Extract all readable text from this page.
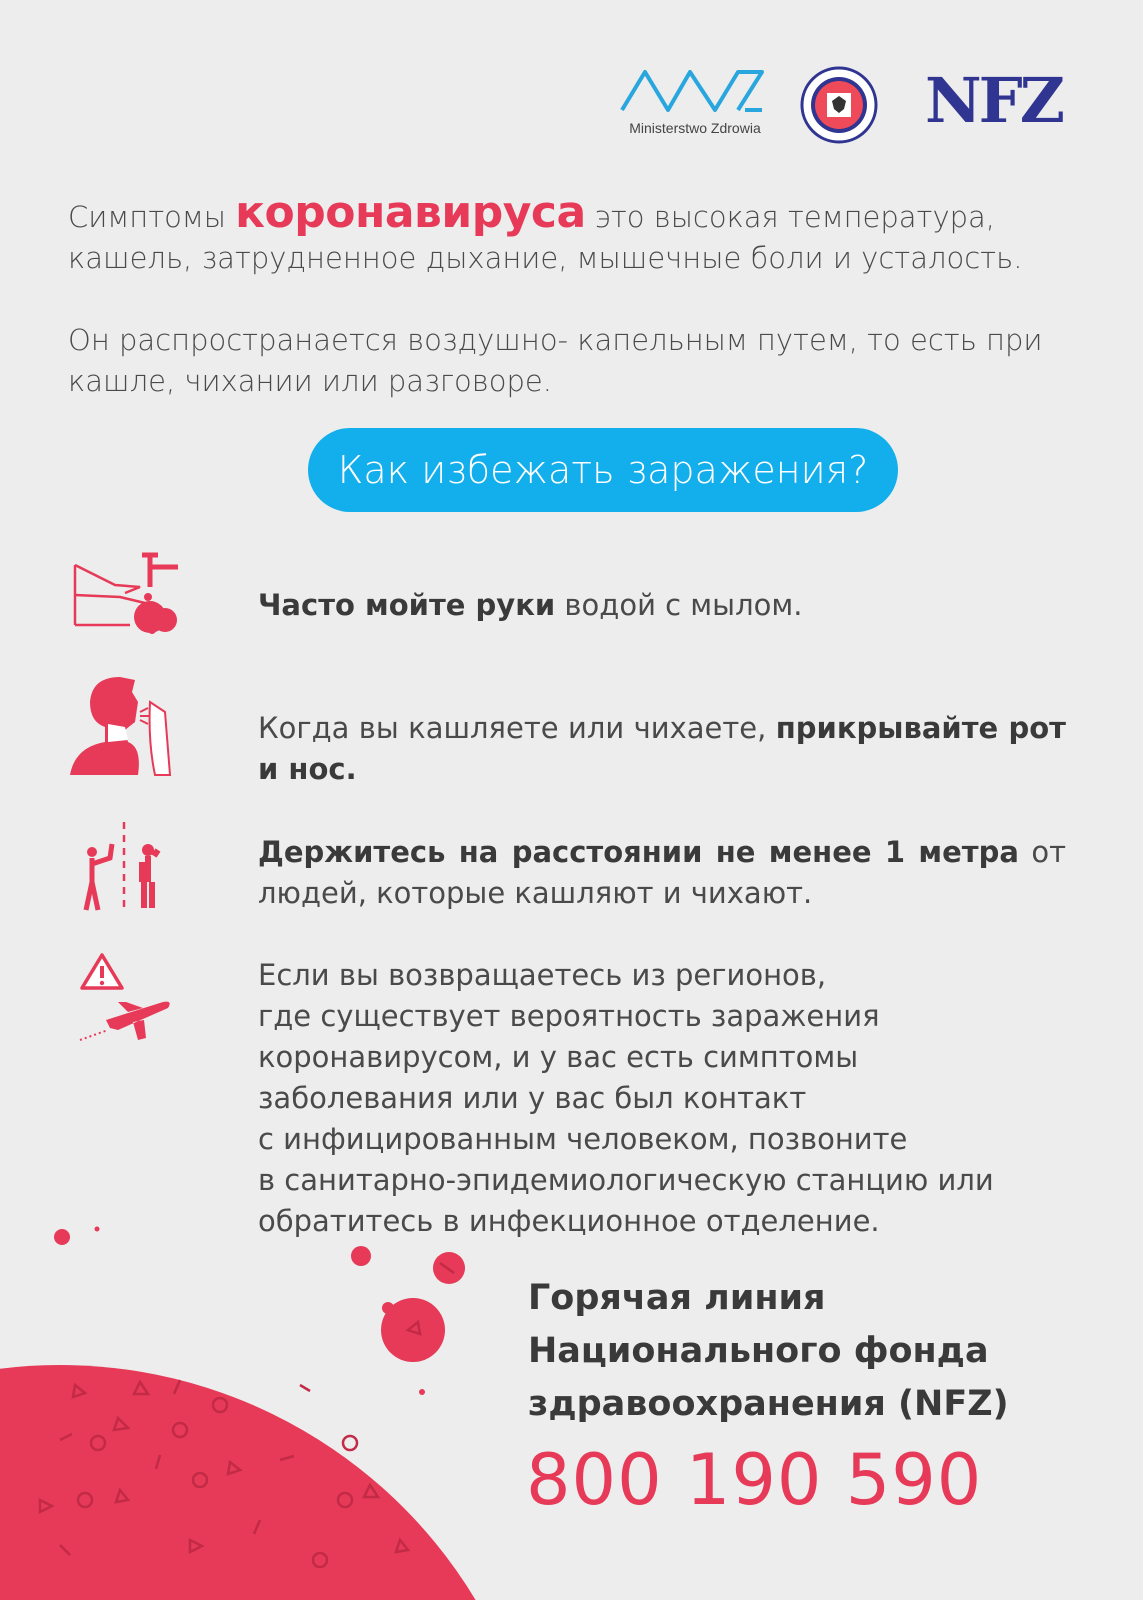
Ministerstwo Zdrowia	NFZ
Симптомы коронавируса это высокая температура,
кашель, затрудненное дыхание, мышечные боли и усталость.
Он распространается воздушно- капельным путем, то есть при кашле, чихании или разговоре.
Как избежать заражения?
Часто мойте руки водой с мылом.
Когда вы кашляете или чихаете, прикрывайте рот и нос.
Держитесь на расстоянии не менее 1 метра от людей, которые кашляют и чихают.
Если вы возвращаетесь из регионов,
где существует вероятность заражения
коронавирусом, и у вас есть симптомы
заболевания или у вас был контакт
с инфицированным человеком, позвоните
в санитарно-эпидемиологическую станцию или
обратитесь в инфекционное отделение.
Горячая линия
Национального фонда
здравоохранения (NFZ)
800 190 590
